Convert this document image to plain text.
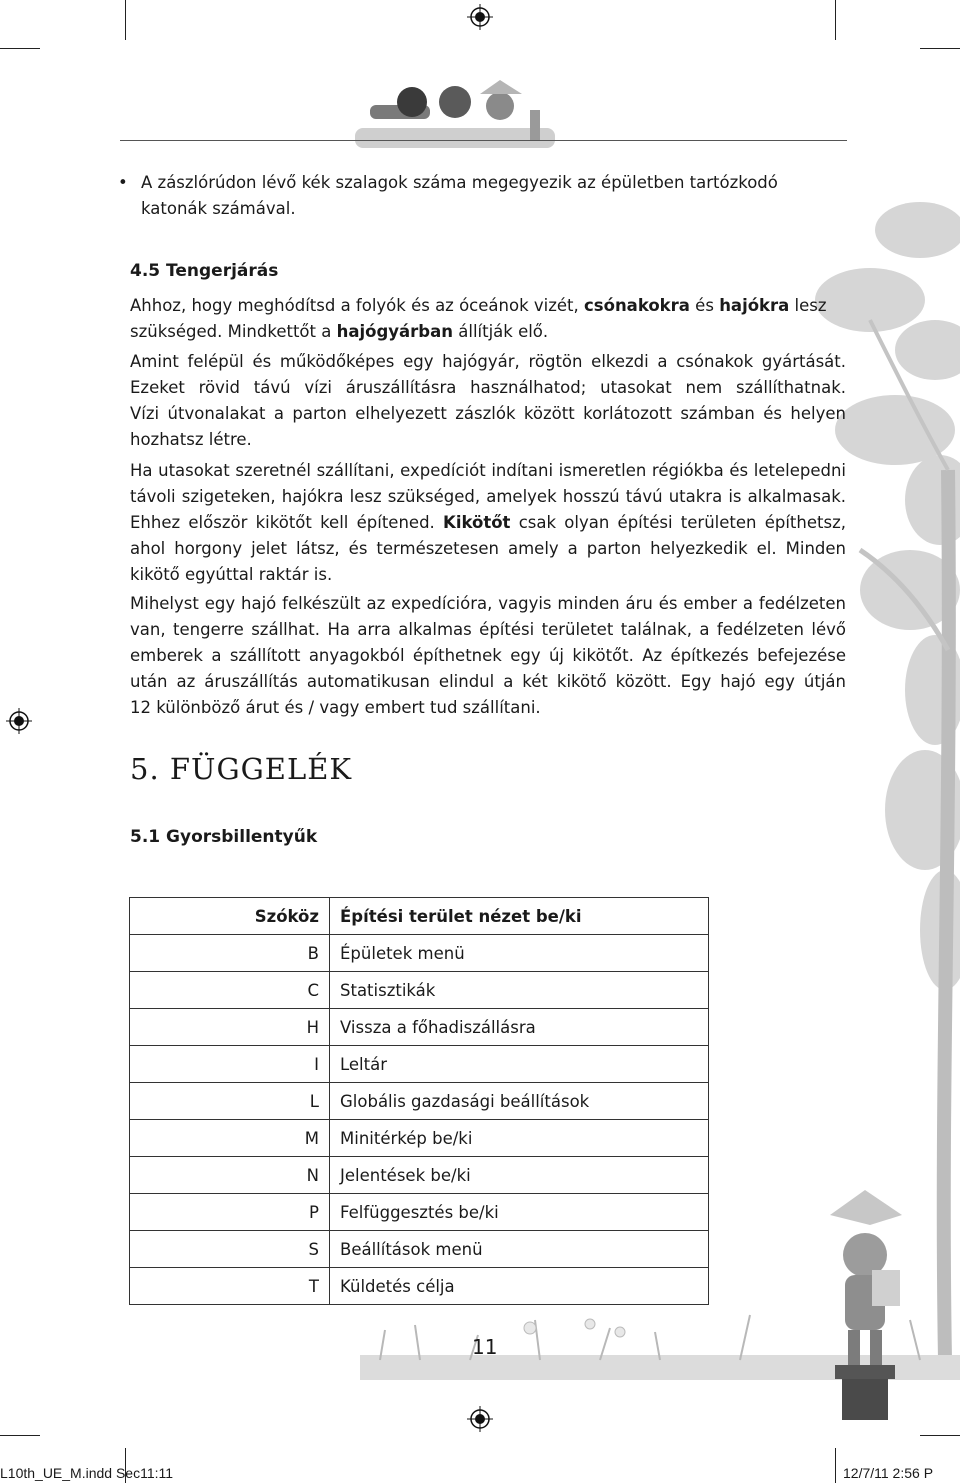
• A zászlórúdon lévő kék szalagok száma megegyezik az épületben tartózkodó
katonák számával.
4.5 Tengerjárás
Ahhoz, hogy meghódítsd a folyók és az óceánok vizét, csónakokra és hajókra lesz
szükséged. Mindkettőt a hajógyárban állítják elő.
Amint felépül és működőképes egy hajógyár, rögtön elkezdi a csónakok gyártását.
Ezeket rövid távú vízi áruszállításra használhatod; utasokat nem szállíthatnak.
Vízi útvonalakat a parton elhelyezett zászlók között korlátozott számban és helyen
hozhatsz létre.
Ha utasokat szeretnél szállítani, expedíciót indítani ismeretlen régiókba és letelepedni
távoli szigeteken, hajókra lesz szükséged, amelyek hosszú távú utakra is alkalmasak.
Ehhez először kikötőt kell építened. Kikötőt csak olyan építési területen építhetsz,
ahol horgony jelet látsz, és természetesen amely a parton helyezkedik el. Minden
kikötő egyúttal raktár is.
Mihelyst egy hajó felkészült az expedícióra, vagyis minden áru és ember a fedélzeten
van, tengerre szállhat. Ha arra alkalmas építési területet találnak, a fedélzeten lévő
emberek a szállított anyagokból építhetnek egy új kikötőt. Az építkezés befejezése
után az áruszállítás automatikusan elindul a két kikötő között. Egy hajó egy útján
12 különböző árut és / vagy embert tud szállítani.
5. FÜGGELÉK
5.1 Gyorsbillentyűk
Szóköz	Építési terület nézet be/ki
B	Épületek menü
C	Statisztikák
H	Vissza a főhadiszállásra
I	Leltár
L	Globális gazdasági beállítások
M	Minitérkép be/ki
N	Jelentések be/ki
P	Felfüggesztés be/ki
S	Beállítások menü
T	Küldetés célja
11
L10th_UE_M.indd Sec11:11	12/7/11 2:56 P
